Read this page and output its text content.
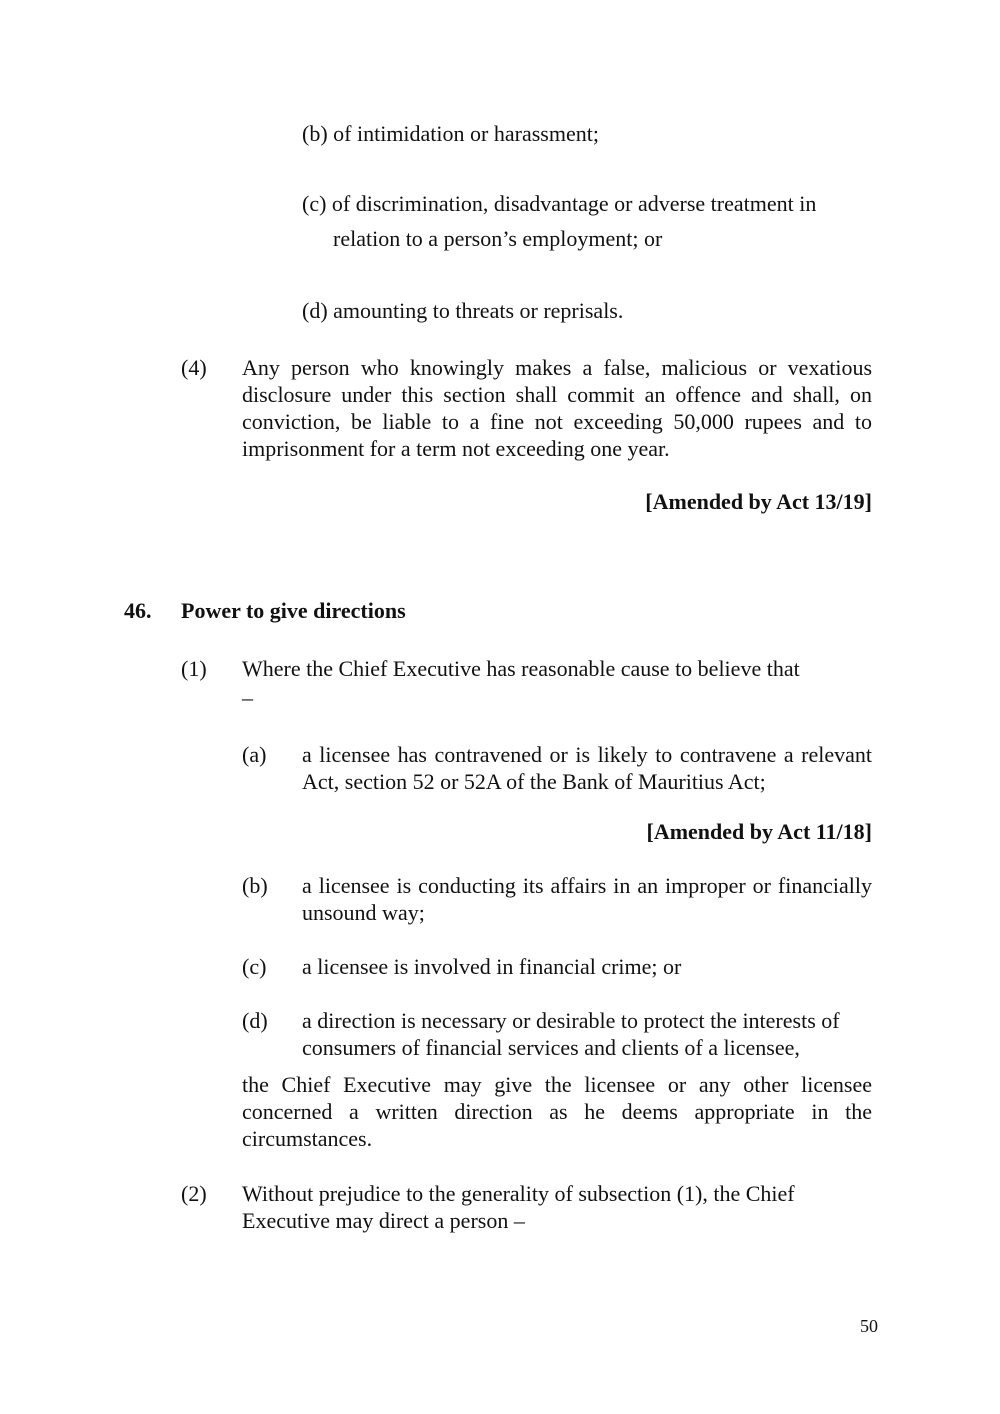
(b) of intimidation or harassment;
(c) of discrimination, disadvantage or adverse treatment in
relation to a person’s employment; or
(d) amounting to threats or reprisals.
(4) Any person who knowingly makes a false, malicious or vexatious disclosure under this section shall commit an offence and shall, on conviction, be liable to a fine not exceeding 50,000 rupees and to imprisonment for a term not exceeding one year.
[Amended by Act 13/19]
46. Power to give directions
(1) Where the Chief Executive has reasonable cause to believe that
–
(a) a licensee has contravened or is likely to contravene a relevant Act, section 52 or 52A of the Bank of Mauritius Act;
[Amended by Act 11/18]
(b) a licensee is conducting its affairs in an improper or financially unsound way;
(c) a licensee is involved in financial crime; or
(d) a direction is necessary or desirable to protect the interests of consumers of financial services and clients of a licensee,
the Chief Executive may give the licensee or any other licensee concerned a written direction as he deems appropriate in the circumstances.
(2) Without prejudice to the generality of subsection (1), the Chief Executive may direct a person –
50
